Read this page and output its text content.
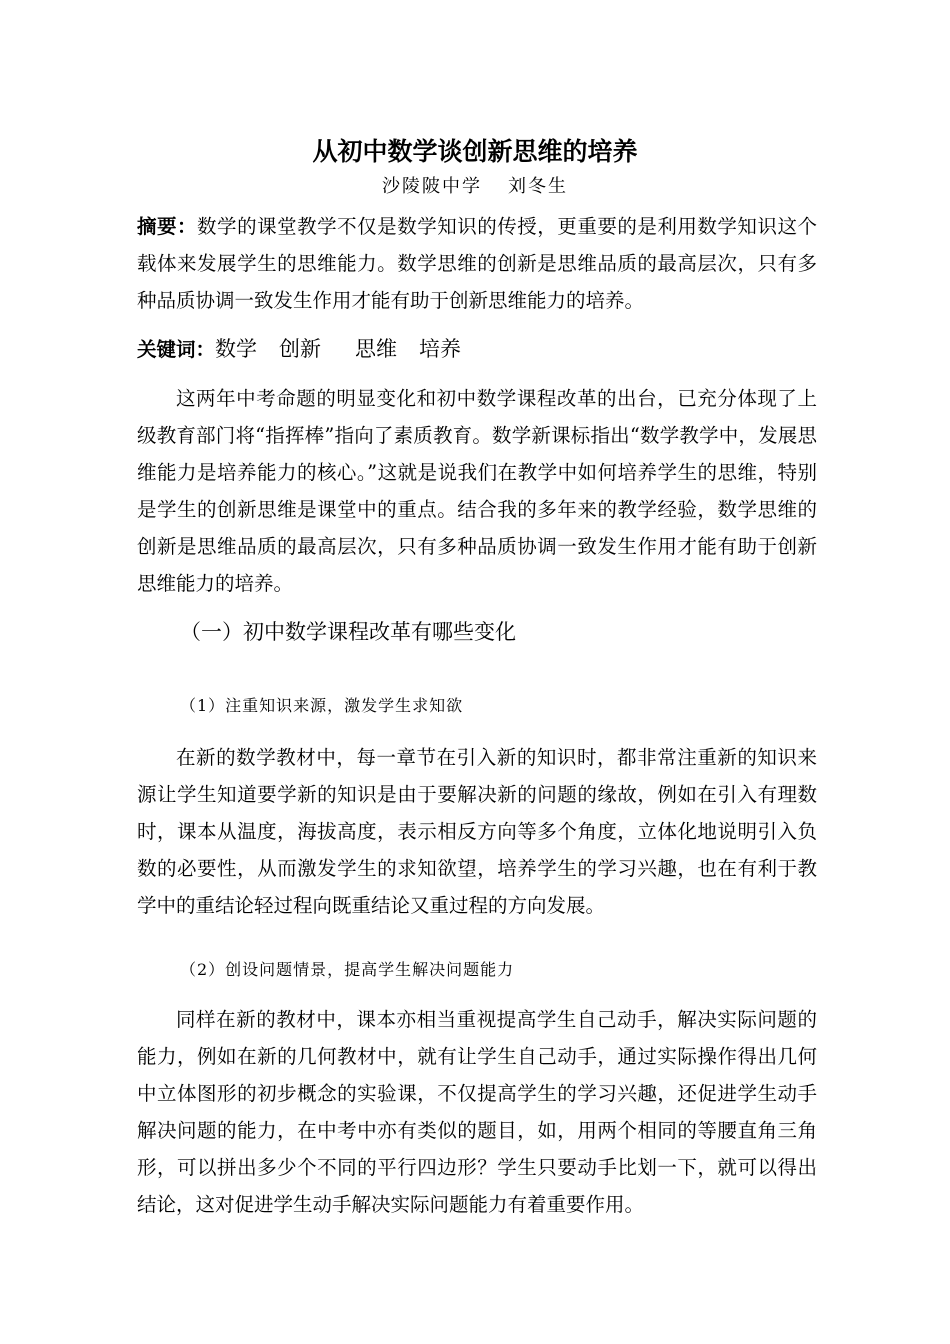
从初中数学谈创新思维的培养
沙陵陂中学 刘冬生
摘要：数学的课堂教学不仅是数学知识的传授，更重要的是利用数学知识这个载体来发展学生的思维能力。数学思维的创新是思维品质的最高层次，只有多种品质协调一致发生作用才能有助于创新思维能力的培养。
关键词：数学 创新 思维 培养
这两年中考命题的明显变化和初中数学课程改革的出台，已充分体现了上级教育部门将“指挥棒”指向了素质教育。数学新课标指出“数学教学中，发展思维能力是培养能力的核心。”这就是说我们在教学中如何培养学生的思维，特别是学生的创新思维是课堂中的重点。结合我的多年来的教学经验，数学思维的创新是思维品质的最高层次，只有多种品质协调一致发生作用才能有助于创新思维能力的培养。
（一）初中数学课程改革有哪些变化
（1）注重知识来源，激发学生求知欲
在新的数学教材中，每一章节在引入新的知识时，都非常注重新的知识来源让学生知道要学新的知识是由于要解决新的问题的缘故，例如在引入有理数时，课本从温度，海拔高度，表示相反方向等多个角度，立体化地说明引入负数的必要性，从而激发学生的求知欲望，培养学生的学习兴趣，也在有利于教学中的重结论轻过程向既重结论又重过程的方向发展。
（2）创设问题情景，提高学生解决问题能力
同样在新的教材中，课本亦相当重视提高学生自己动手，解决实际问题的能力，例如在新的几何教材中，就有让学生自己动手，通过实际操作得出几何中立体图形的初步概念的实验课，不仅提高学生的学习兴趣，还促进学生动手解决问题的能力，在中考中亦有类似的题目，如，用两个相同的等腰直角三角形，可以拼出多少个不同的平行四边形？学生只要动手比划一下，就可以得出结论，这对促进学生动手解决实际问题能力有着重要作用。
